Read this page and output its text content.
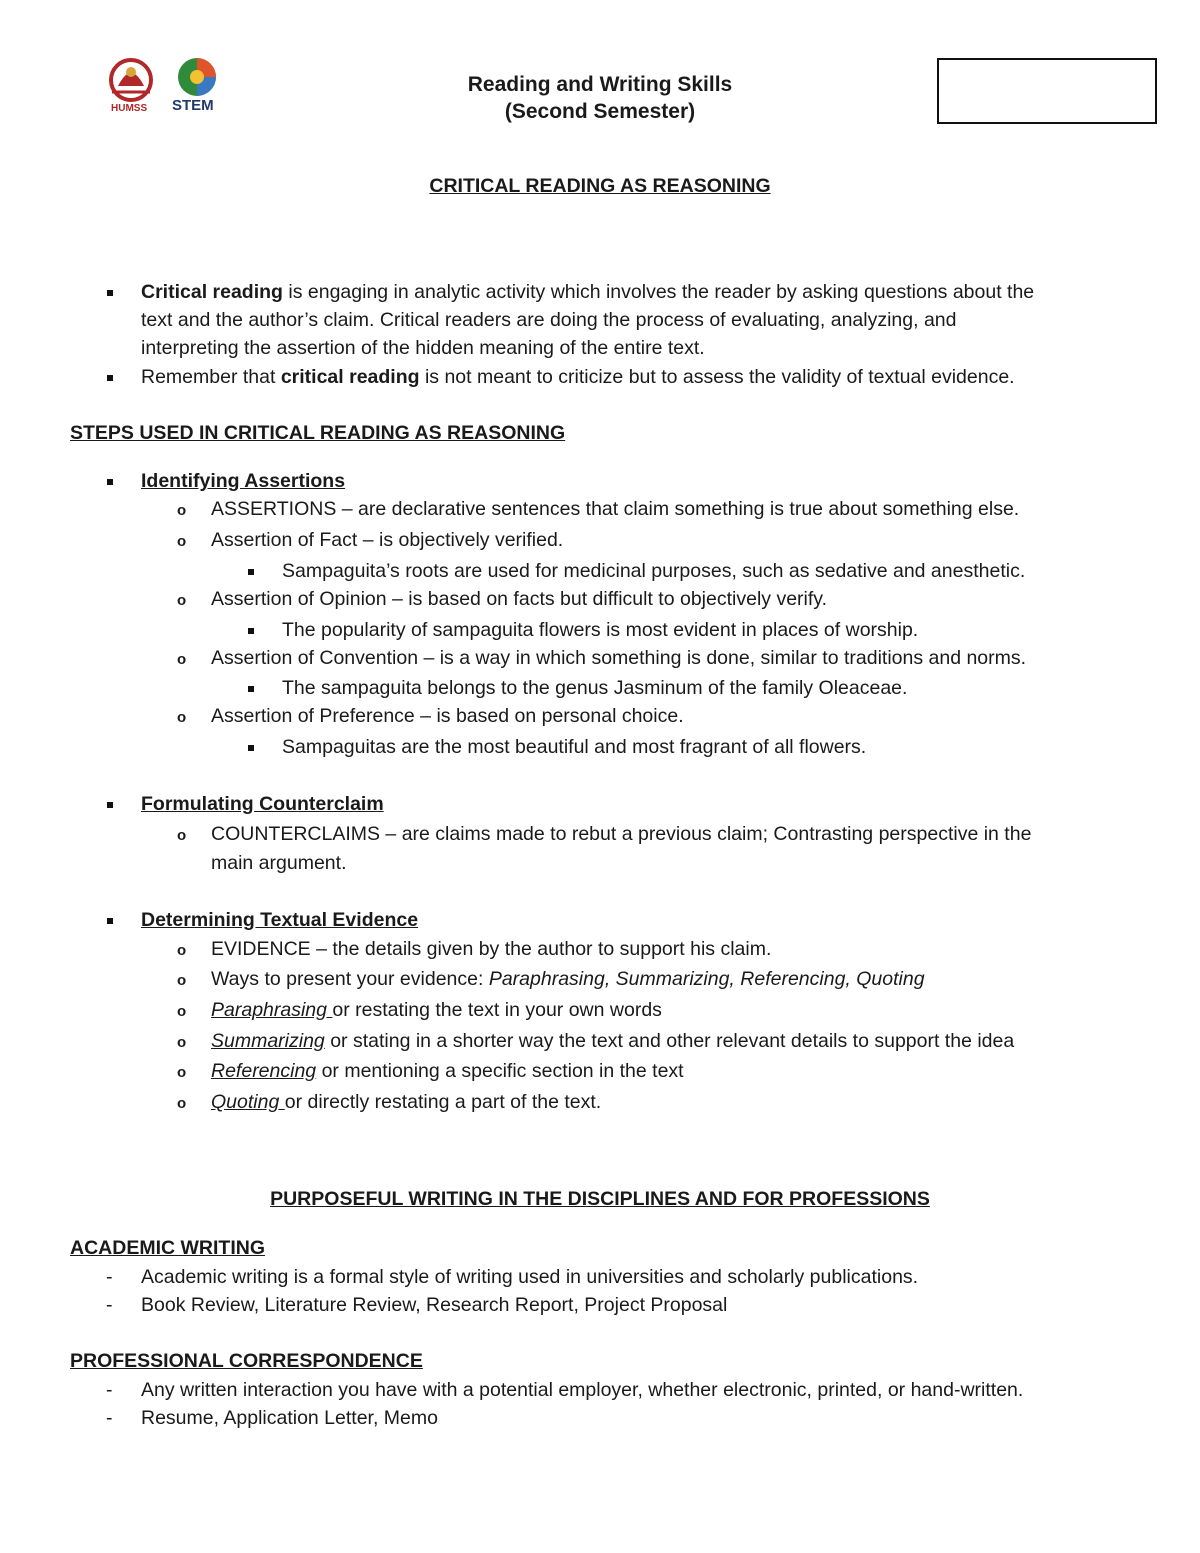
HUMSS STEM
Reading and Writing Skills
(Second Semester)
CRITICAL READING AS REASONING
Critical reading is engaging in analytic activity which involves the reader by asking questions about the
text and the author’s claim. Critical readers are doing the process of evaluating, analyzing, and
interpreting the assertion of the hidden meaning of the entire text.
Remember that critical reading is not meant to criticize but to assess the validity of textual evidence.
STEPS USED IN CRITICAL READING AS REASONING
Identifying Assertions
o ASSERTIONS – are declarative sentences that claim something is true about something else.
o Assertion of Fact – is objectively verified.
Sampaguita’s roots are used for medicinal purposes, such as sedative and anesthetic.
o Assertion of Opinion – is based on facts but difficult to objectively verify.
The popularity of sampaguita flowers is most evident in places of worship.
o Assertion of Convention – is a way in which something is done, similar to traditions and norms.
The sampaguita belongs to the genus Jasminum of the family Oleaceae.
o Assertion of Preference – is based on personal choice.
Sampaguitas are the most beautiful and most fragrant of all flowers.
Formulating Counterclaim
o COUNTERCLAIMS – are claims made to rebut a previous claim; Contrasting perspective in the
main argument.
Determining Textual Evidence
o EVIDENCE – the details given by the author to support his claim.
o Ways to present your evidence: Paraphrasing, Summarizing, Referencing, Quoting
o Paraphrasing or restating the text in your own words
o Summarizing or stating in a shorter way the text and other relevant details to support the idea
o Referencing or mentioning a specific section in the text
o Quoting or directly restating a part of the text.
PURPOSEFUL WRITING IN THE DISCIPLINES AND FOR PROFESSIONS
ACADEMIC WRITING
- Academic writing is a formal style of writing used in universities and scholarly publications.
- Book Review, Literature Review, Research Report, Project Proposal
PROFESSIONAL CORRESPONDENCE
- Any written interaction you have with a potential employer, whether electronic, printed, or hand-written.
- Resume, Application Letter, Memo
